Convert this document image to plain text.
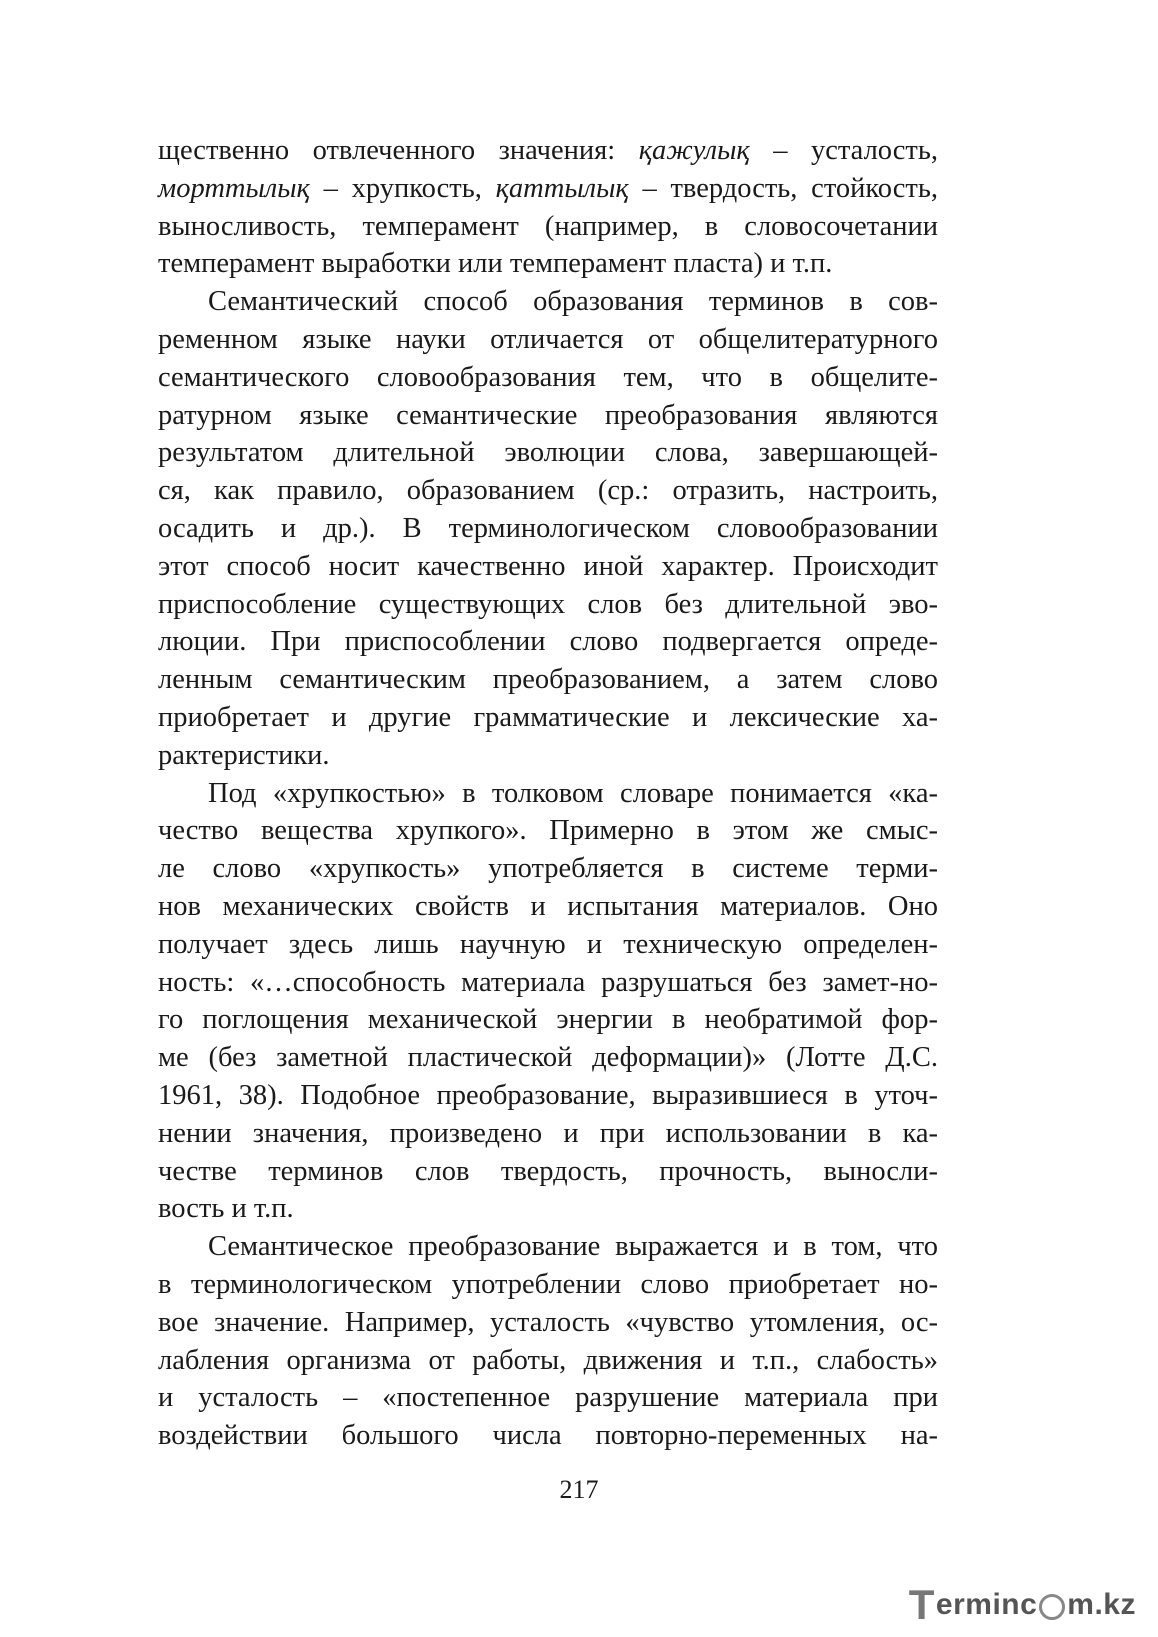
щественно отвлеченного значения: қажулық – усталость,
морттылық – хрупкость, қаттылық – твердость, стойкость,
выносливость, темперамент (например, в словосочетании
темперамент выработки или темперамент пласта) и т.п.
Семантический способ образования терминов в сов-
ременном языке науки отличается от общелитературного
семантического словообразования тем, что в общелите-
ратурном языке семантические преобразования являются
результатом длительной эволюции слова, завершающей-
ся, как правило, образованием (ср.: отразить, настроить,
осадить и др.). В терминологическом словообразовании
этот способ носит качественно иной характер. Происходит
приспособление существующих слов без длительной эво-
люции. При приспособлении слово подвергается опреде-
ленным семантическим преобразованием, а затем слово
приобретает и другие грамматические и лексические ха-
рактеристики.
Под «хрупкостью» в толковом словаре понимается «ка-
чество вещества хрупкого». Примерно в этом же смыс-
ле слово «хрупкость» употребляется в системе терми-
нов механических свойств и испытания материалов. Оно
получает здесь лишь научную и техническую определен-
ность: «…способность материала разрушаться без замет-но-
го поглощения механической энергии в необратимой фор-
ме (без заметной пластической деформации)» (Лотте Д.С.
1961, 38). Подобное преобразование, выразившиеся в уточ-
нении значения, произведено и при использовании в ка-
честве терминов слов твердость, прочность, выносли-
вость и т.п.
Семантическое преобразование выражается и в том, что
в терминологическом употреблении слово приобретает но-
вое значение. Например, усталость «чувство утомления, ос-
лабления организма от работы, движения и т.п., слабость»
и усталость – «постепенное разрушение материала при
воздействии большого числа повторно-переменных на-
217
T erminc m.kz
